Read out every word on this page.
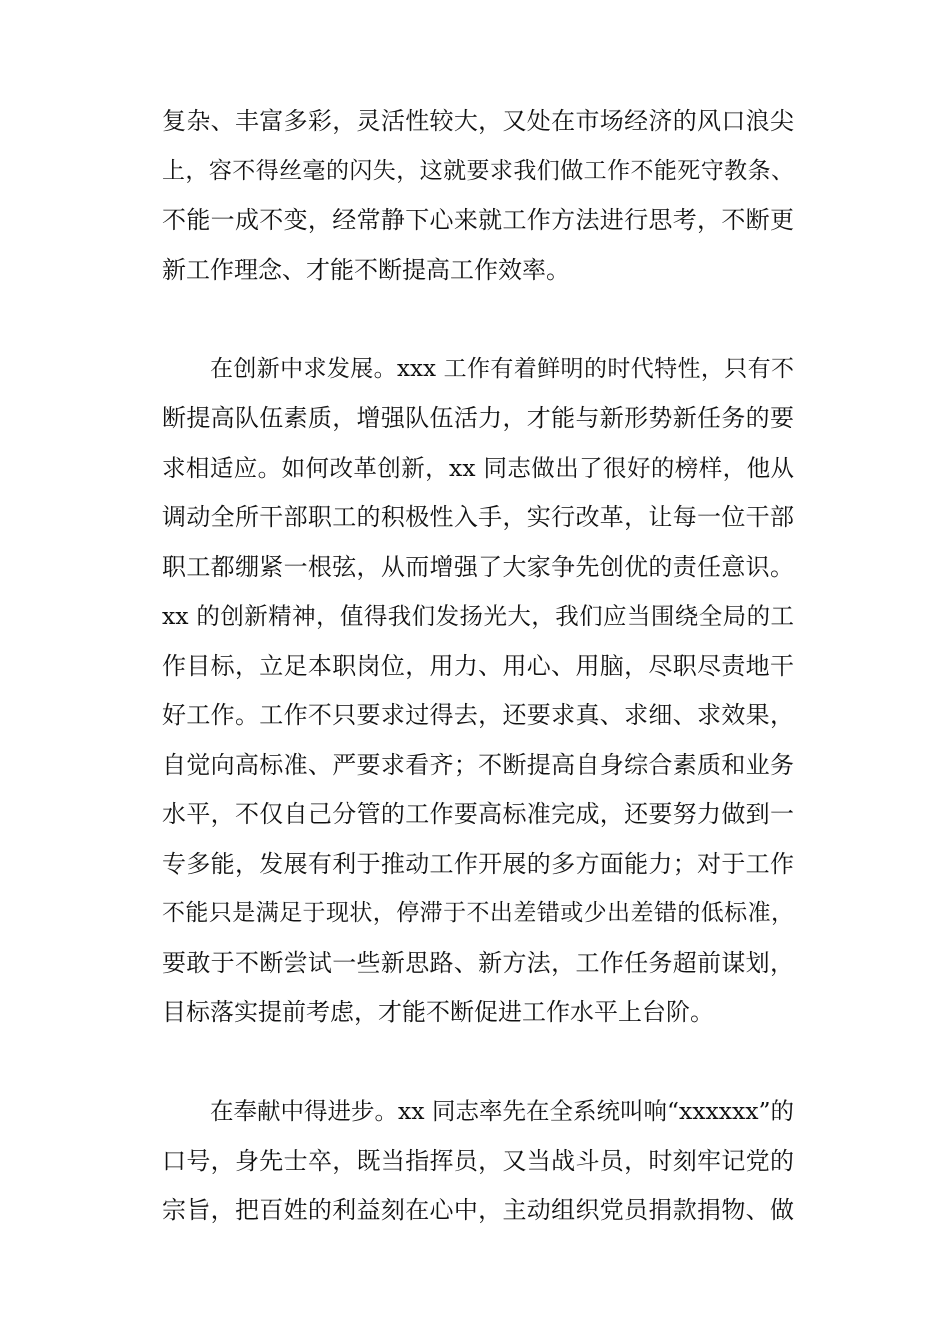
复杂、丰富多彩，灵活性较大，又处在市场经济的风口浪尖
上，容不得丝毫的闪失，这就要求我们做工作不能死守教条、
不能一成不变，经常静下心来就工作方法进行思考，不断更
新工作理念、才能不断提高工作效率。
在创新中求发展。xxx 工作有着鲜明的时代特性，只有不
断提高队伍素质，增强队伍活力，才能与新形势新任务的要
求相适应。如何改革创新，xx 同志做出了很好的榜样，他从
调动全所干部职工的积极性入手，实行改革，让每一位干部
职工都绷紧一根弦，从而增强了大家争先创优的责任意识。
xx 的创新精神，值得我们发扬光大，我们应当围绕全局的工
作目标，立足本职岗位，用力、用心、用脑，尽职尽责地干
好工作。工作不只要求过得去，还要求真、求细、求效果，
自觉向高标准、严要求看齐；不断提高自身综合素质和业务
水平，不仅自己分管的工作要高标准完成，还要努力做到一
专多能，发展有利于推动工作开展的多方面能力；对于工作
不能只是满足于现状，停滞于不出差错或少出差错的低标准，
要敢于不断尝试一些新思路、新方法，工作任务超前谋划，
目标落实提前考虑，才能不断促进工作水平上台阶。
在奉献中得进步。xx 同志率先在全系统叫响“xxxxxx”的
口号，身先士卒，既当指挥员，又当战斗员，时刻牢记党的
宗旨，把百姓的利益刻在心中，主动组织党员捐款捐物、做
